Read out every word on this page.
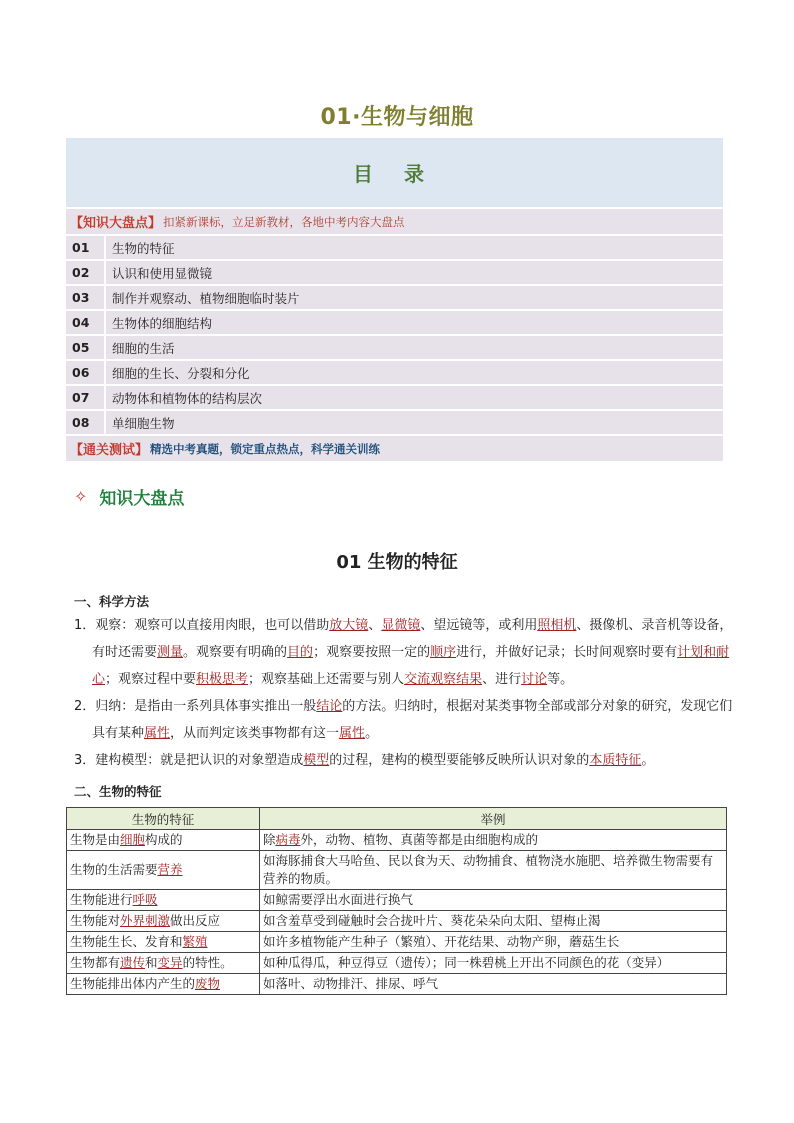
01·生物与细胞
目 录
【知识大盘点】 扣紧新课标，立足新教材，各地中考内容大盘点
01	生物的特征
02	认识和使用显微镜
03	制作并观察动、植物细胞临时装片
04	生物体的细胞结构
05	细胞的生活
06	细胞的生长、分裂和分化
07	动物体和植物体的结构层次
08	单细胞生物
【通关测试】 精选中考真题，锁定重点热点，科学通关训练
✧ 知识大盘点
01 生物的特征
一、科学方法
1．观察：观察可以直接用肉眼，也可以借助放大镜、显微镜、望远镜等，或利用照相机、摄像机、录音机等设备，有时还需要测量。观察要有明确的目的；观察要按照一定的顺序进行，并做好记录；长时间观察时要有计划和耐心；观察过程中要积极思考；观察基础上还需要与别人交流观察结果、进行讨论等。
2．归纳：是指由一系列具体事实推出一般结论的方法。归纳时，根据对某类事物全部或部分对象的研究，发现它们具有某种属性，从而判定该类事物都有这一属性。
3．建构模型：就是把认识的对象塑造成模型的过程，建构的模型要能够反映所认识对象的本质特征。
二、生物的特征
生物的特征	举例
生物是由细胞构成的	除病毒外，动物、植物、真菌等都是由细胞构成的
生物的生活需要营养	如海豚捕食大马哈鱼、民以食为天、动物捕食、植物浇水施肥、培养微生物需要有营养的物质。
生物能进行呼吸	如鲸需要浮出水面进行换气
生物能对外界刺激做出反应	如含羞草受到碰触时会合拢叶片、葵花朵朵向太阳、望梅止渴
生物能生长、发育和繁殖	如许多植物能产生种子（繁殖）、开花结果、动物产卵，蘑菇生长
生物都有遗传和变异的特性。	如种瓜得瓜，种豆得豆（遗传）；同一株碧桃上开出不同颜色的花（变异）
生物能排出体内产生的废物	如落叶、动物排汗、排尿、呼气
